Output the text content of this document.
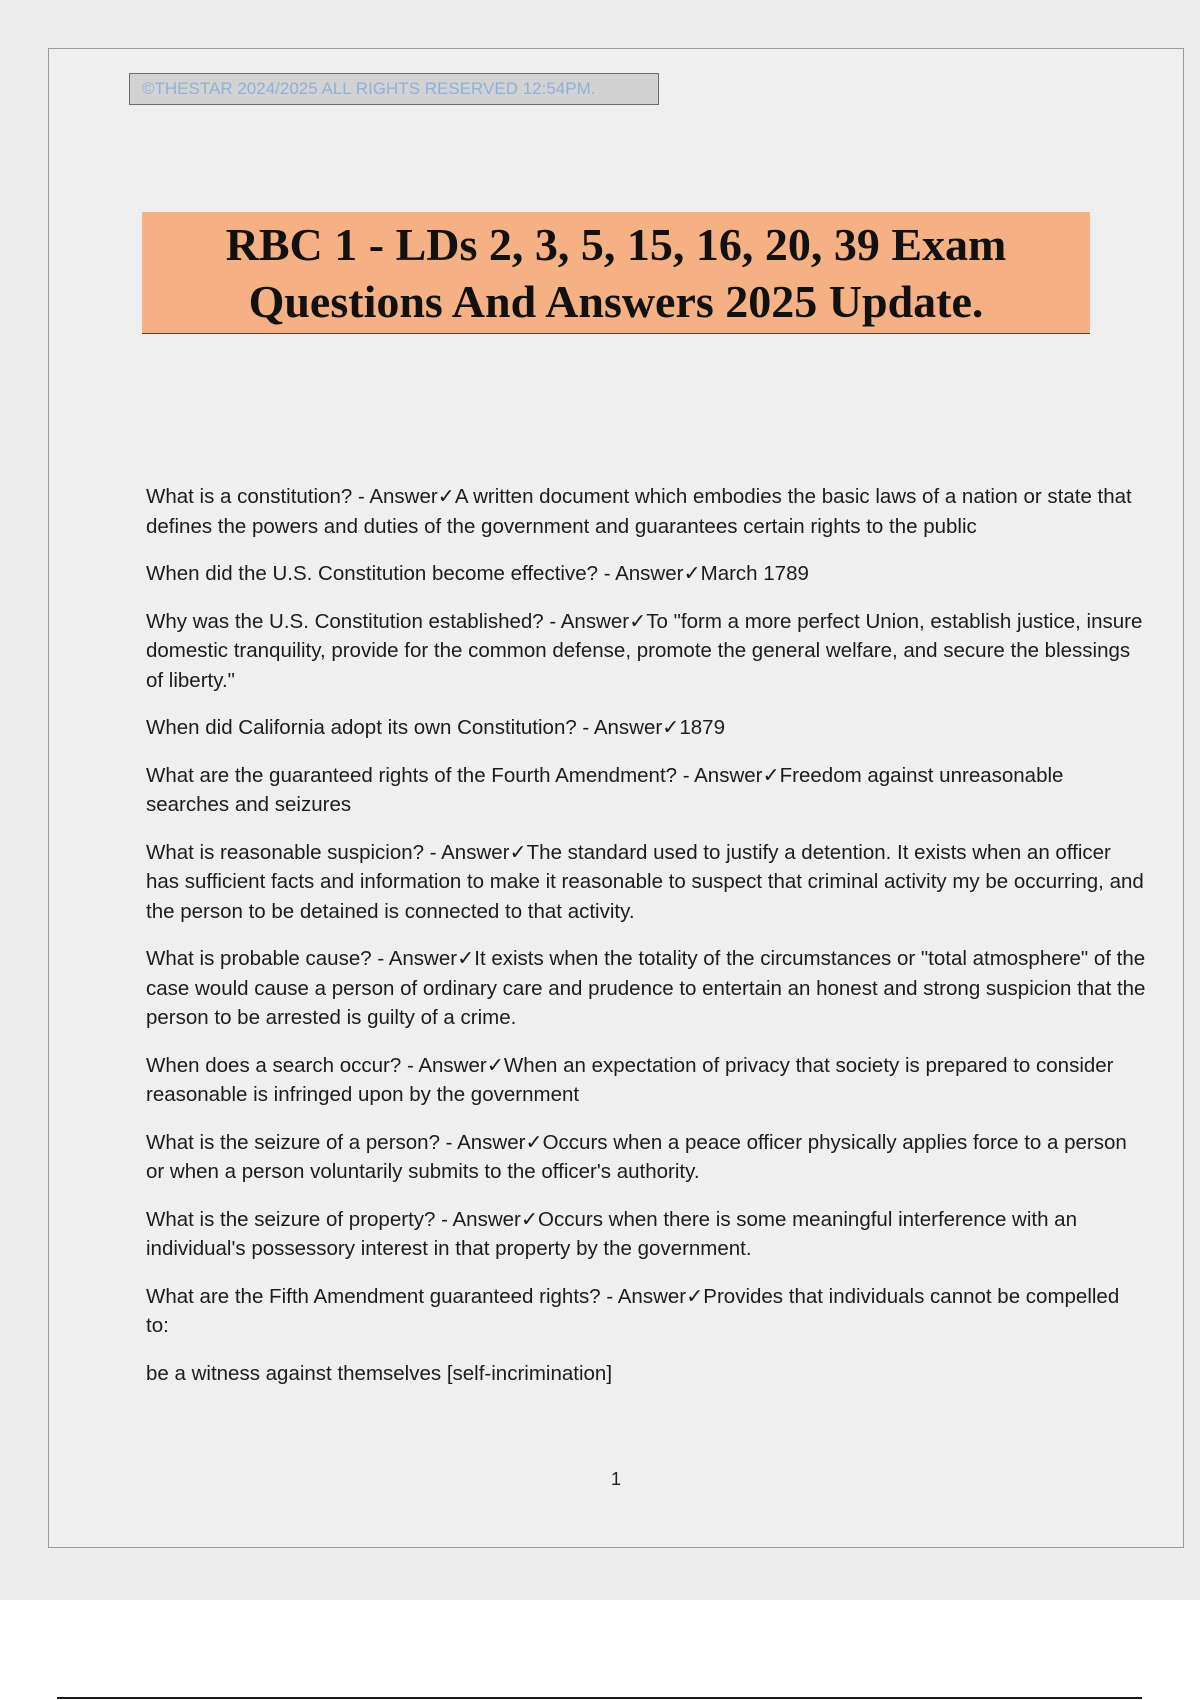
©THESTAR 2024/2025 ALL RIGHTS RESERVED 12:54PM.
RBC 1 - LDs 2, 3, 5, 15, 16, 20, 39 Exam
Questions And Answers 2025 Update.

What is a constitution? - Answer✓A written document which embodies the basic laws of a nation or state that defines the powers and duties of the government and guarantees certain rights to the public

When did the U.S. Constitution become effective? - Answer✓March 1789

Why was the U.S. Constitution established? - Answer✓To "form a more perfect Union, establish justice, insure domestic tranquility, provide for the common defense, promote the general welfare, and secure the blessings of liberty."

When did California adopt its own Constitution? - Answer✓1879

What are the guaranteed rights of the Fourth Amendment? - Answer✓Freedom against unreasonable searches and seizures

What is reasonable suspicion? - Answer✓The standard used to justify a detention. It exists when an officer has sufficient facts and information to make it reasonable to suspect that criminal activity my be occurring, and the person to be detained is connected to that activity.

What is probable cause? - Answer✓It exists when the totality of the circumstances or "total atmosphere" of the case would cause a person of ordinary care and prudence to entertain an honest and strong suspicion that the person to be arrested is guilty of a crime.

When does a search occur? - Answer✓When an expectation of privacy that society is prepared to consider reasonable is infringed upon by the government

What is the seizure of a person? - Answer✓Occurs when a peace officer physically applies force to a person or when a person voluntarily submits to the officer's authority.

What is the seizure of property? - Answer✓Occurs when there is some meaningful interference with an individual's possessory interest in that property by the government.

What are the Fifth Amendment guaranteed rights? - Answer✓Provides that individuals cannot be compelled to:

be a witness against themselves [self-incrimination]

1
